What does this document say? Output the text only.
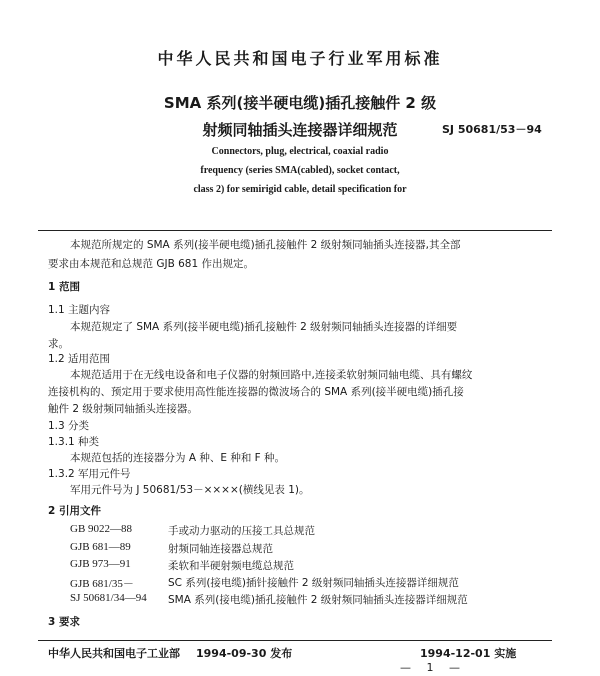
中华人民共和国电子行业军用标准
SMA 系列(接半硬电缆)插孔接触件 2 级
射频同轴插头连接器详细规范	SJ 50681/53－94
Connectors, plug, electrical, coaxial radio
frequency (series SMA(cabled), socket contact,
class 2) for semirigid cable, detail specification for
本规范所规定的 SMA 系列(接半硬电缆)插孔接触件 2 级射频同轴插头连接器,其全部
要求由本规范和总规范 GJB 681 作出规定。
1 范围
1.1 主题内容
本规范规定了 SMA 系列(接半硬电缆)插孔接触件 2 级射频同轴插头连接器的详细要
求。
1.2 适用范围
本规范适用于在无线电设备和电子仪器的射频回路中,连接柔软射频同轴电缆、具有螺纹
连接机构的、预定用于要求使用高性能连接器的微波场合的 SMA 系列(接半硬电缆)插孔接
触件 2 级射频同轴插头连接器。
1.3 分类
1.3.1 种类
本规范包括的连接器分为 A 种、E 种和 F 种。
1.3.2 军用元件号
军用元件号为 J 50681/53－××××(横线见表 1)。
2 引用文件
GB 9022—88	手或动力驱动的压接工具总规范
GJB 681—89	射频同轴连接器总规范
GJB 973—91	柔软和半硬射频电缆总规范
GJB 681/35－	SC 系列(接电缆)插针接触件 2 级射频同轴插头连接器详细规范
SJ 50681/34—94 SMA 系列(接电缆)插孔接触件 2 级射频同轴插头连接器详细规范
3 要求
中华人民共和国电子工业部 1994-09-30 发布	1994-12-01 实施
— 1 —
